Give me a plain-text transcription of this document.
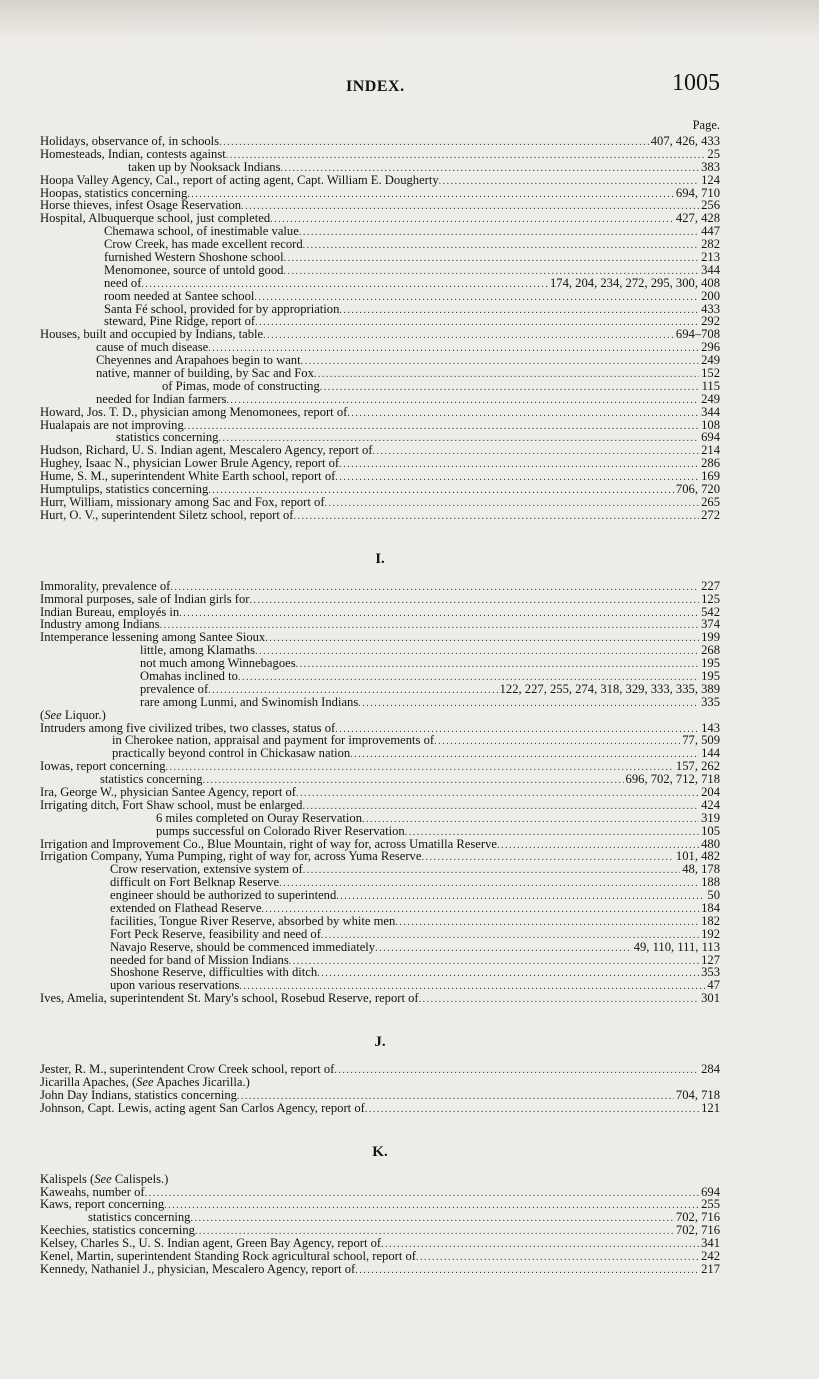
INDEX.	1005
Page.
Holidays, observance of, in schools .....	407, 426, 433
Homesteads, Indian, contests against .....	25
taken up by Nooksack Indians .....	383
Hoopa Valley Agency, Cal., report of acting agent, Capt. William E. Dougherty .....	124
Hoopas, statistics concerning .....	694, 710
Horse thieves, infest Osage Reservation .....	256
Hospital, Albuquerque school, just completed .....	427, 428
Chemawa school, of inestimable value .....	447
Crow Creek, has made excellent record .....	282
furnished Western Shoshone school .....	213
Menomonee, source of untold good .....	344
need of .....	174, 204, 234, 272, 295, 300, 408
room needed at Santee school .....	200
Santa Fé school, provided for by appropriation .....	433
steward, Pine Ridge, report of .....	292
Houses, built and occupied by Indians, table .....	694–708
cause of much disease .....	296
Cheyennes and Arapahoes begin to want .....	249
native, manner of building, by Sac and Fox .....	152
of Pimas, mode of constructing .....	115
needed for Indian farmers .....	249
Howard, Jos. T. D., physician among Menomonees, report of .....	344
Hualapais are not improving .....	108
statistics concerning .....	694
Hudson, Richard, U. S. Indian agent, Mescalero Agency, report of .....	214
Hughey, Isaac N., physician Lower Brule Agency, report of .....	286
Hume, S. M., superintendent White Earth school, report of .....	169
Humptulips, statistics concerning .....	706, 720
Hurr, William, missionary among Sac and Fox, report of .....	265
Hurt, O. V., superintendent Siletz school, report of .....	272
I.
Immorality, prevalence of .....	227
Immoral purposes, sale of Indian girls for .....	125
Indian Bureau, employés in .....	542
Industry among Indians .....	374
Intemperance lessening among Santee Sioux .....	199
little, among Klamaths .....	268
not much among Winnebagoes .....	195
Omahas inclined to .....	195
prevalence of .....	122, 227, 255, 274, 318, 329, 333, 335, 389
rare among Lunmi, and Swinomish Indians .....	335
(See Liquor.)
Intruders among five civilized tribes, two classes, status of .....	143
in Cherokee nation, appraisal and payment for improvements of .....	77, 509
practically beyond control in Chickasaw nation .....	144
Iowas, report concerning .....	157, 262
statistics concerning .....	696, 702, 712, 718
Ira, George W., physician Santee Agency, report of .....	204
Irrigating ditch, Fort Shaw school, must be enlarged .....	424
6 miles completed on Ouray Reservation .....	319
pumps successful on Colorado River Reservation .....	105
Irrigation and Improvement Co., Blue Mountain, right of way for, across Umatilla Reserve .....	480
Irrigation Company, Yuma Pumping, right of way for, across Yuma Reserve .....	101, 482
Crow reservation, extensive system of .....	48, 178
difficult on Fort Belknap Reserve .....	188
engineer should be authorized to superintend .....	50
extended on Flathead Reserve .....	184
facilities, Tongue River Reserve, absorbed by white men .....	182
Fort Peck Reserve, feasibility and need of .....	192
Navajo Reserve, should be commenced immediately .....	49, 110, 111, 113
needed for band of Mission Indians .....	127
Shoshone Reserve, difficulties with ditch .....	353
upon various reservations .....	47
Ives, Amelia, superintendent St. Mary's school, Rosebud Reserve, report of .....	301
J.
Jester, R. M., superintendent Crow Creek school, report of .....	284
Jicarilla Apaches, (See Apaches Jicarilla.)
John Day Indians, statistics concerning .....	704, 718
Johnson, Capt. Lewis, acting agent San Carlos Agency, report of .....	121
K.
Kalispels (See Calispels.)
Kaweahs, number of .....	694
Kaws, report concerning .....	255
statistics concerning .....	702, 716
Keechies, statistics concerning .....	702, 716
Kelsey, Charles S., U. S. Indian agent, Green Bay Agency, report of .....	341
Kenel, Martin, superintendent Standing Rock agricultural school, report of .....	242
Kennedy, Nathaniel J., physician, Mescalero Agency, report of .....	217
